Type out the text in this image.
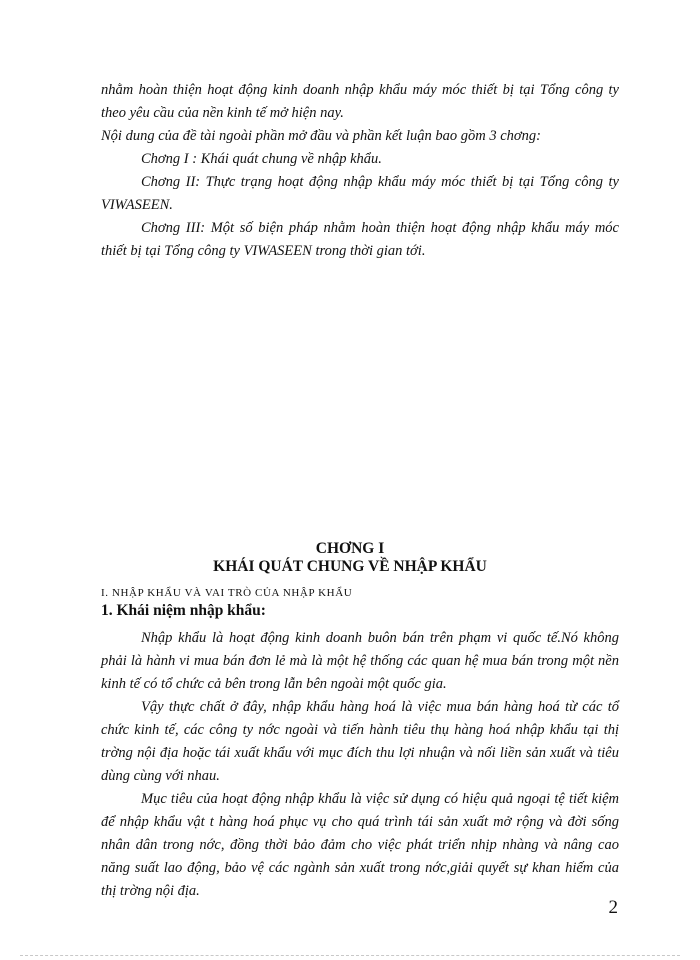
nhằm hoàn thiện hoạt động kinh doanh nhập khẩu máy móc thiết bị tại Tổng công ty theo yêu cầu của nền kinh tế mở hiện nay.

Nội dung của đề tài ngoài phần mở đầu và phần kết luận bao gồm 3 chơng:

Chơng I : Khái quát chung về nhập khẩu.

Chơng II: Thực trạng hoạt động nhập khẩu máy móc thiết bị tại Tổng công ty VIWASEEN.

Chơng III: Một số biện pháp nhằm hoàn thiện hoạt động nhập khẩu máy móc thiết bị tại Tổng công ty VIWASEEN trong thời gian tới.

CHƠNG I
KHÁI QUÁT CHUNG VỀ NHẬP KHẨU
I. NHẬP KHẨU VÀ VAI TRÒ CỦA NHẬP KHẨU
1. Khái niệm nhập khẩu:

Nhập khẩu là hoạt động kinh doanh buôn bán trên phạm vi quốc tế.Nó không phải là hành vi mua bán đơn lẻ mà là một hệ thống các quan hệ mua bán trong một nền kinh tế có tổ chức cả bên trong lẫn bên ngoài một quốc gia.

Vậy thực chất ở đây, nhập khẩu hàng hoá là việc mua bán hàng hoá từ các tổ chức kinh tế, các công ty nớc ngoài và tiến hành tiêu thụ hàng hoá nhập khẩu tại thị trờng nội địa hoặc tái xuất khẩu với mục đích thu lợi nhuận và nối liền sản xuất và tiêu dùng cùng với nhau.

Mục tiêu của hoạt động nhập khẩu là việc sử dụng có hiệu quả ngoại tệ tiết kiệm để nhập khẩu vật t hàng hoá phục vụ cho quá trình tái sản xuất mở rộng và đời sống nhân dân trong nớc, đồng thời bảo đảm cho việc phát triển nhịp nhàng và nâng cao năng suất lao động, bảo vệ các ngành sản xuất trong nớc,giải quyết sự khan hiếm của thị trờng nội địa.

2
